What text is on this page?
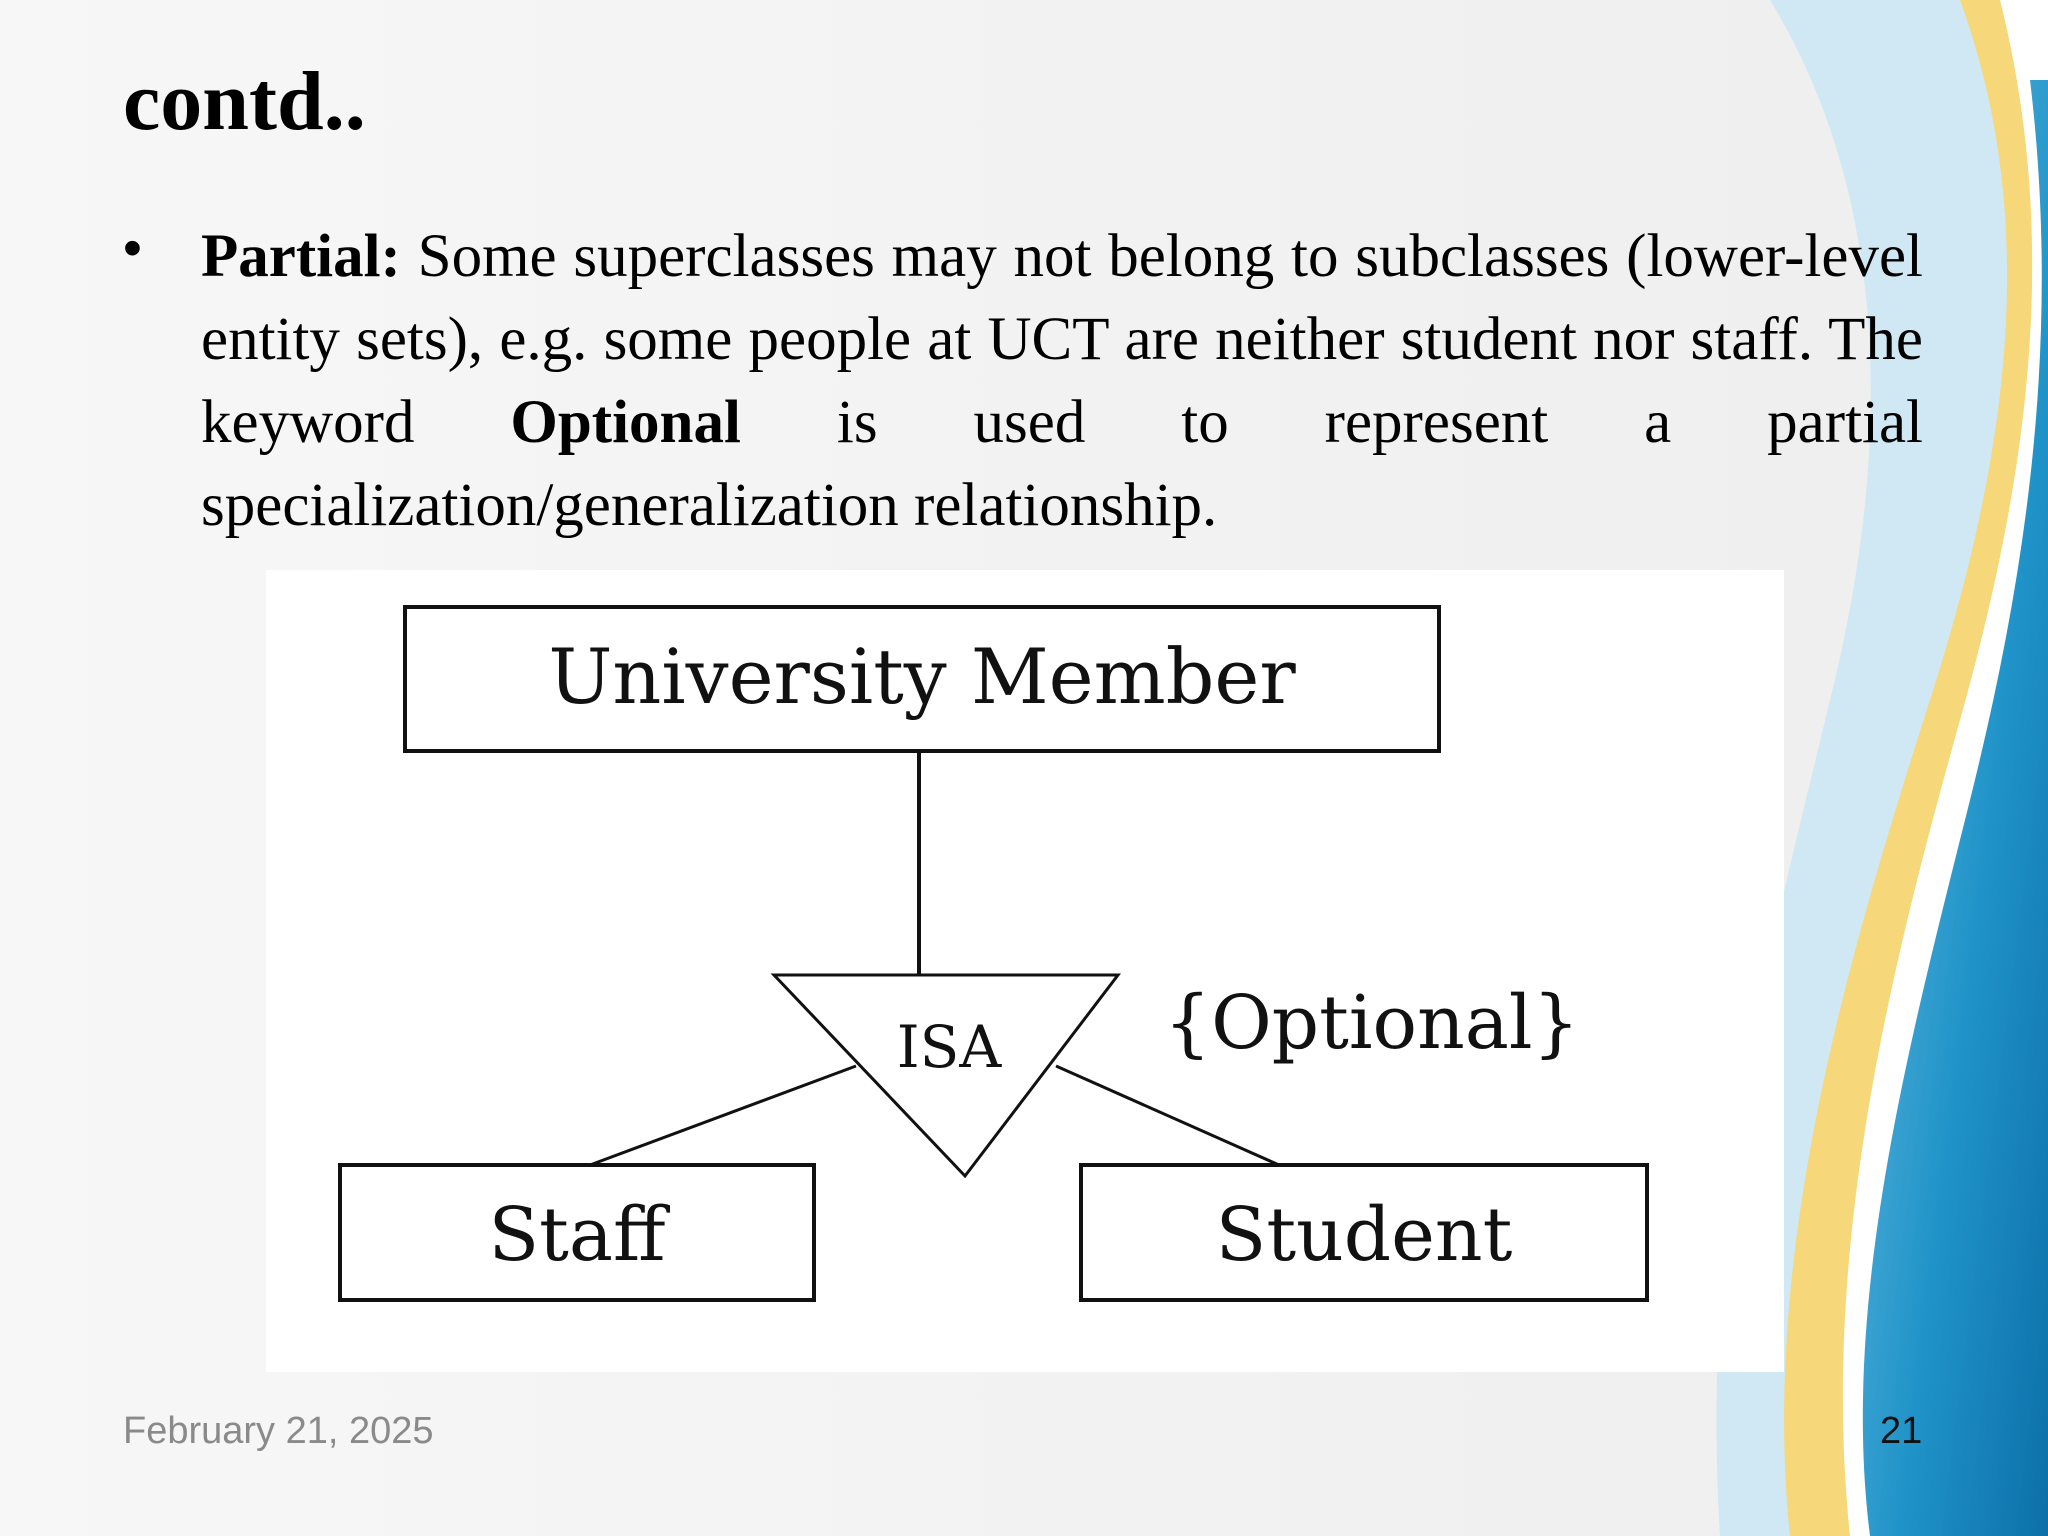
contd..
• Partial: Some superclasses may not belong to subclasses (lower-level entity sets), e.g. some people at UCT are neither student nor staff. The keyword Optional is used to represent a partial specialization/generalization relationship.

University Member
ISA {Optional}
Staff	Student
February 21, 2025	21
